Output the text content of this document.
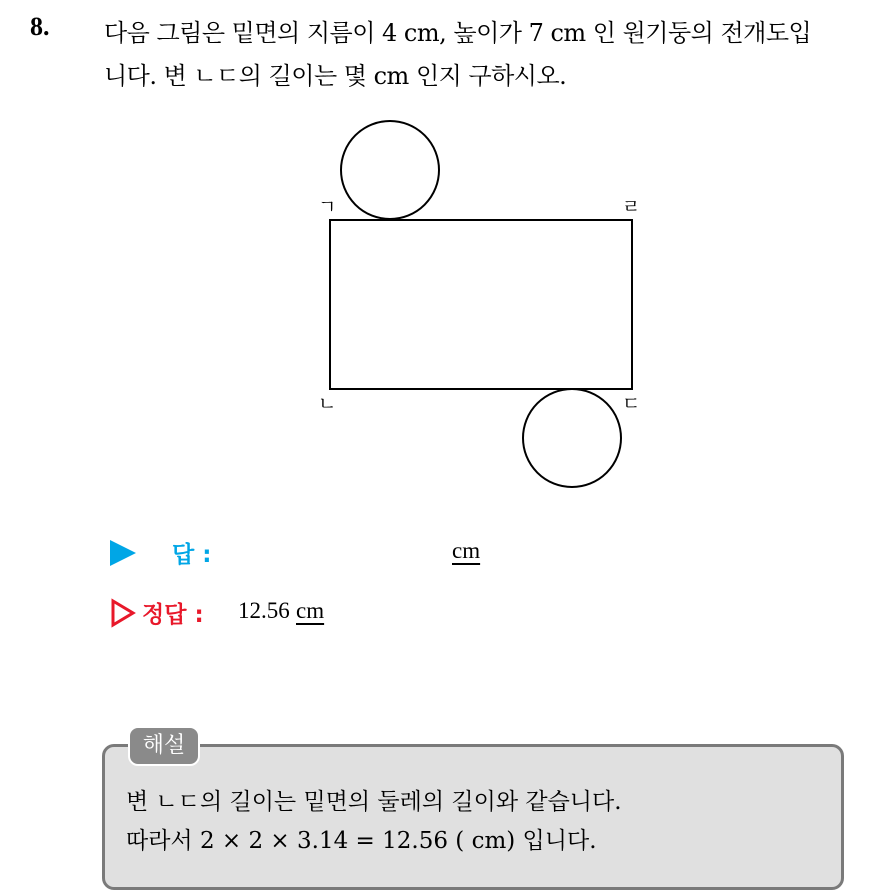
8. 다음 그림은 밑면의 지름이 4 cm, 높이가 7 cm 인 원기둥의 전개도입
니다. 변 ㄴㄷ의 길이는 몇 cm 인지 구하시오.
ㄱ	ㄹ
ㄴ	ㄷ
답 :	cm
정답 : 12.56 cm
해설
변 ㄴㄷ의 길이는 밑면의 둘레의 길이와 같습니다.
따라서 2 × 2 × 3.14 = 12.56 ( cm) 입니다.
